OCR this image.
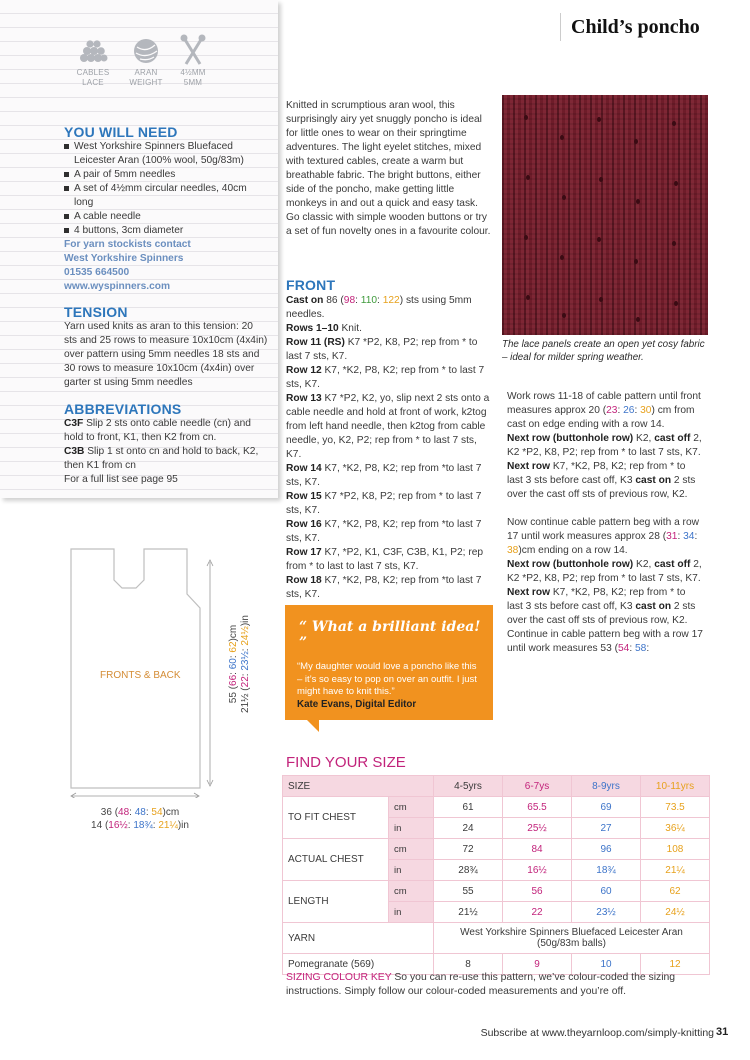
CABLES
LACE
ARAN
WEIGHT
4½MM
5MM
YOU WILL NEED
West Yorkshire Spinners Bluefaced Leicester Aran (100% wool, 50g/83m)
A pair of 5mm needles
A set of 4½mm circular needles, 40cm long
A cable needle
4 buttons, 3cm diameter
For yarn stockists contact
West Yorkshire Spinners
01535 664500
www.wyspinners.com
TENSION
Yarn used knits as aran to this tension: 20 sts and 25 rows to measure 10x10cm (4x4in) over pattern using 5mm needles 18 sts and 30 rows to measure 10x10cm (4x4in) over garter st using 5mm needles
ABBREVIATIONS
C3F Slip 2 sts onto cable needle (cn) and hold to front, K1, then K2 from cn.
C3B Slip 1 st onto cn and hold to back, K2, then K1 from cn
For a full list see page 95
Child’s poncho
Knitted in scrumptious aran wool, this surprisingly airy yet snuggly poncho is ideal for little ones to wear on their springtime adventures. The light eyelet stitches, mixed with textured cables, create a warm but breathable fabric. The bright buttons, either side of the poncho, make getting little monkeys in and out a quick and easy task. Go classic with simple wooden buttons or try a set of fun novelty ones in a favourite colour.
The lace panels create an open yet cosy fabric – ideal for milder spring weather.
FRONT
Cast on 86 (98: 110: 122) sts using 5mm needles.
Rows 1–10 Knit.
Row 11 (RS) K7 *P2, K8, P2; rep from * to last 7 sts, K7.
Row 12 K7, *K2, P8, K2; rep from * to last 7 sts, K7.
Row 13 K7 *P2, K2, yo, slip next 2 sts onto a cable needle and hold at front of work, k2tog from left hand needle, then k2tog from cable needle, yo, K2, P2; rep from * to last 7 sts, K7.
Row 14 K7, *K2, P8, K2; rep from *to last 7 sts, K7.
Row 15 K7 *P2, K8, P2; rep from * to last 7 sts, K7.
Row 16 K7, *K2, P8, K2; rep from *to last 7 sts, K7.
Row 17 K7, *P2, K1, C3F, C3B, K1, P2; rep from * to last to last 7 sts, K7.
Row 18 K7, *K2, P8, K2; rep from *to last 7 sts, K7.
Work rows 11-18 of cable pattern until front measures approx 20 (23: 26: 30) cm from cast on edge ending with a row 14.
Next row (buttonhole row) K2, cast off 2, K2 *P2, K8, P2; rep from * to last 7 sts, K7.
Next row K7, *K2, P8, K2; rep from * to last 3 sts before cast off, K3 cast on 2 sts over the cast off sts of previous row, K2.
Now continue cable pattern beg with a row 17 until work measures approx 28 (31: 34: 38)cm ending on a row 14.
Next row (buttonhole row) K2, cast off 2, K2 *P2, K8, P2; rep from * to last 7 sts, K7.
Next row K7, *K2, P8, K2; rep from * to last 3 sts before cast off, K3 cast on 2 sts over the cast off sts of previous row, K2.
Continue in cable pattern beg with a row 17 until work measures 53 (54: 58:
“ What a brilliant idea! ”
“My daughter would love a poncho like this – it’s so easy to pop on over an outfit. I just might have to knit this.”
Kate Evans, Digital Editor
FRONTS & BACK
55 (66: 60: 62)cm
21½ (22: 23½: 24½)in
36 (48: 48: 54)cm
14 (16½: 18¾: 21¼)in
FIND YOUR SIZE
SIZE		4-5yrs	6-7ys	8-9yrs	10-11yrs
TO FIT CHEST	cm	61	65.5	69	73.5
	in	24	25½	27	36¼
ACTUAL CHEST	cm	72	84	96	108
	in	28¾	16½	18¾	21¼
LENGTH	cm	55	56	60	62
	in	21½	22	23½	24½
YARN		West Yorkshire Spinners Bluefaced Leicester Aran (50g/83m balls)			
Pomegranate (569)		8	9	10	12
SIZING COLOUR KEY So you can re-use this pattern, we’ve colour-coded the sizing instructions. Simply follow our colour-coded measurements and you’re off.
Subscribe at www.theyarnloop.com/simply-knitting 31
